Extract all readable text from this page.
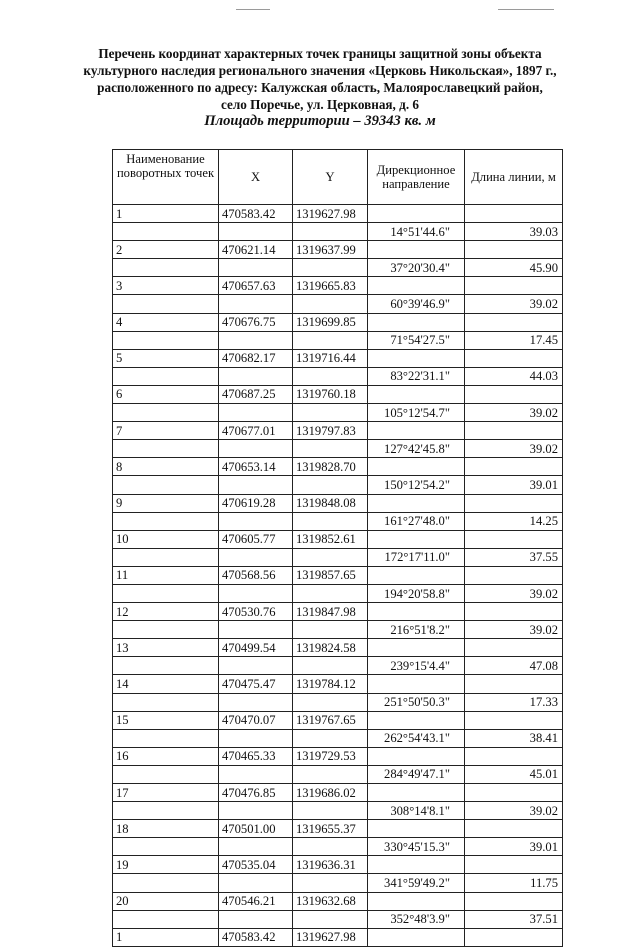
Перечень координат характерных точек границы защитной зоны объекта
культурного наследия регионального значения «Церковь Никольская», 1897 г.,
расположенного по адресу: Калужская область, Малоярославецкий район,
село Поречье, ул. Церковная, д. 6
Площадь территории – 39343 кв. м
Наименование поворотных точек	X	Y	Дирекционное направление	Длина линии, м
1	470583.42	1319627.98		
			14°51'44.6"	39.03
2	470621.14	1319637.99		
			37°20'30.4"	45.90
3	470657.63	1319665.83		
			60°39'46.9"	39.02
4	470676.75	1319699.85		
			71°54'27.5"	17.45
5	470682.17	1319716.44		
			83°22'31.1"	44.03
6	470687.25	1319760.18		
			105°12'54.7"	39.02
7	470677.01	1319797.83		
			127°42'45.8"	39.02
8	470653.14	1319828.70		
			150°12'54.2"	39.01
9	470619.28	1319848.08		
			161°27'48.0"	14.25
10	470605.77	1319852.61		
			172°17'11.0"	37.55
11	470568.56	1319857.65		
			194°20'58.8"	39.02
12	470530.76	1319847.98		
			216°51'8.2"	39.02
13	470499.54	1319824.58		
			239°15'4.4"	47.08
14	470475.47	1319784.12		
			251°50'50.3"	17.33
15	470470.07	1319767.65		
			262°54'43.1"	38.41
16	470465.33	1319729.53		
			284°49'47.1"	45.01
17	470476.85	1319686.02		
			308°14'8.1"	39.02
18	470501.00	1319655.37		
			330°45'15.3"	39.01
19	470535.04	1319636.31		
			341°59'49.2"	11.75
20	470546.21	1319632.68		
			352°48'3.9"	37.51
1	470583.42	1319627.98		
